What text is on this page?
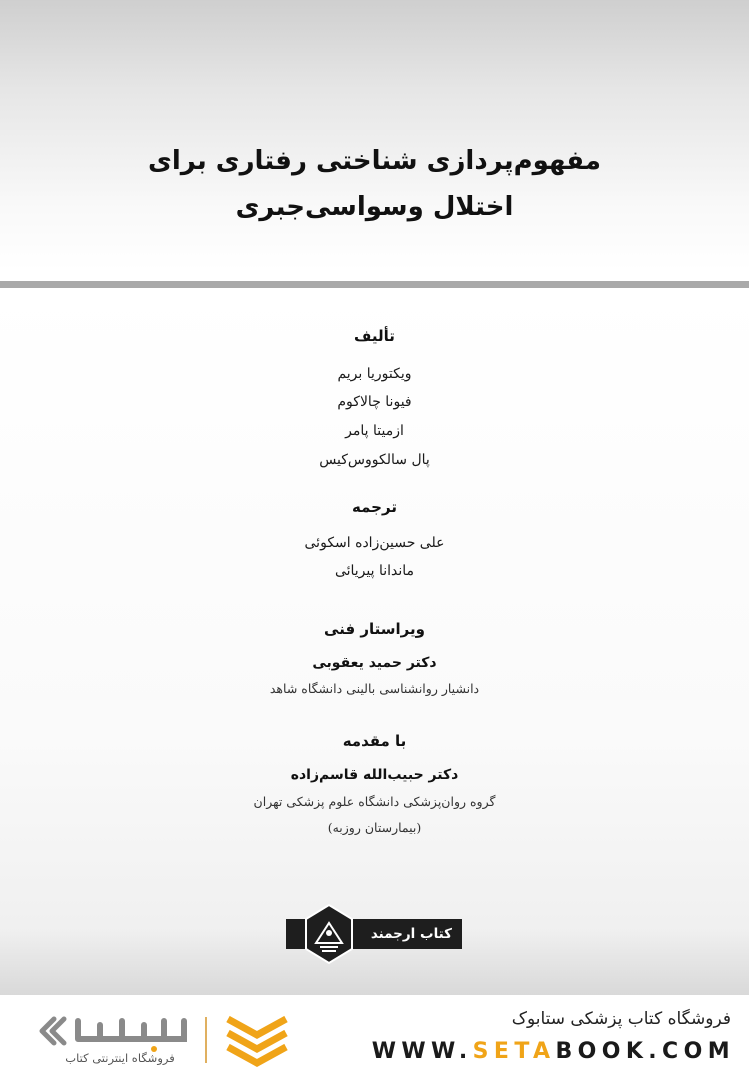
مفهوم‌پردازی شناختی رفتاری برای
اختلال وسواسی‌جبری
تألیف
ویکتوریا بریم
فیونا چالاکوم
ازمیتا پامر
پال سالکووس‌کیس
ترجمه
علی حسین‌زاده اسکوئی
ماندانا پیریائی
ویراستار فنی
دکتر حمید یعقوبی
دانشیار روانشناسی بالینی دانشگاه شاهد
با مقدمه
دکتر حبیب‌الله قاسم‌زاده
گروه روان‌پزشکی دانشگاه علوم پزشکی تهران
(بیمارستان روزبه)
کتاب ارجمند
فروشگاه اینترنتی کتاب
فروشگاه کتاب پزشکی ستابوک
WWW.SETABOOK.COM
